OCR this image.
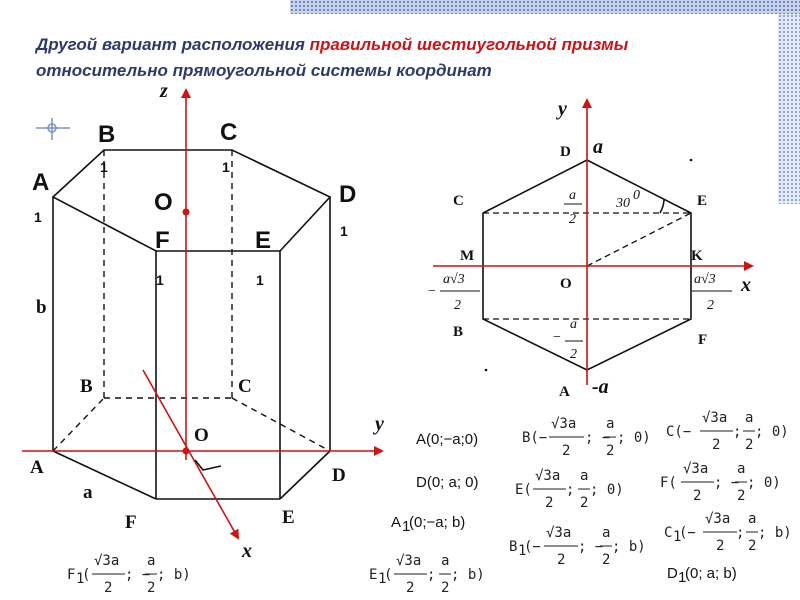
Другой вариант расположения правильной шестиугольной призмы
относительно прямоугольной системы координат
z
y
x
B
1
C
1
A
1
D
1
F
1
E
1
O
b
B	C
O
A	D
a
F	E
y
x
a
-a
D
C	E
M	K
O
B	F
A
30
0
a
2
−
a
2
−
a√3
2
a√3
2
A(0;−a;0)
D(0; a; 0)
A 1
(0;−a; b)
D 1
(0; a; b)
B(−
√3a
2
; −
a
2
; 0) C(−
√3a
2
;
a
2
; 0)
E(
√3a
2
;
a
2
; 0)	F(
√3a
2
; −
a
2
; 0)
B 1
(−
√3a
2
; −
a
2
; b)
C 1
(−
√3a
2
;
a
2
; b)
E 1
(
√3a
2
;
a
2
; b)
F 1
(
√3a
2
; −
a
2
; b)
